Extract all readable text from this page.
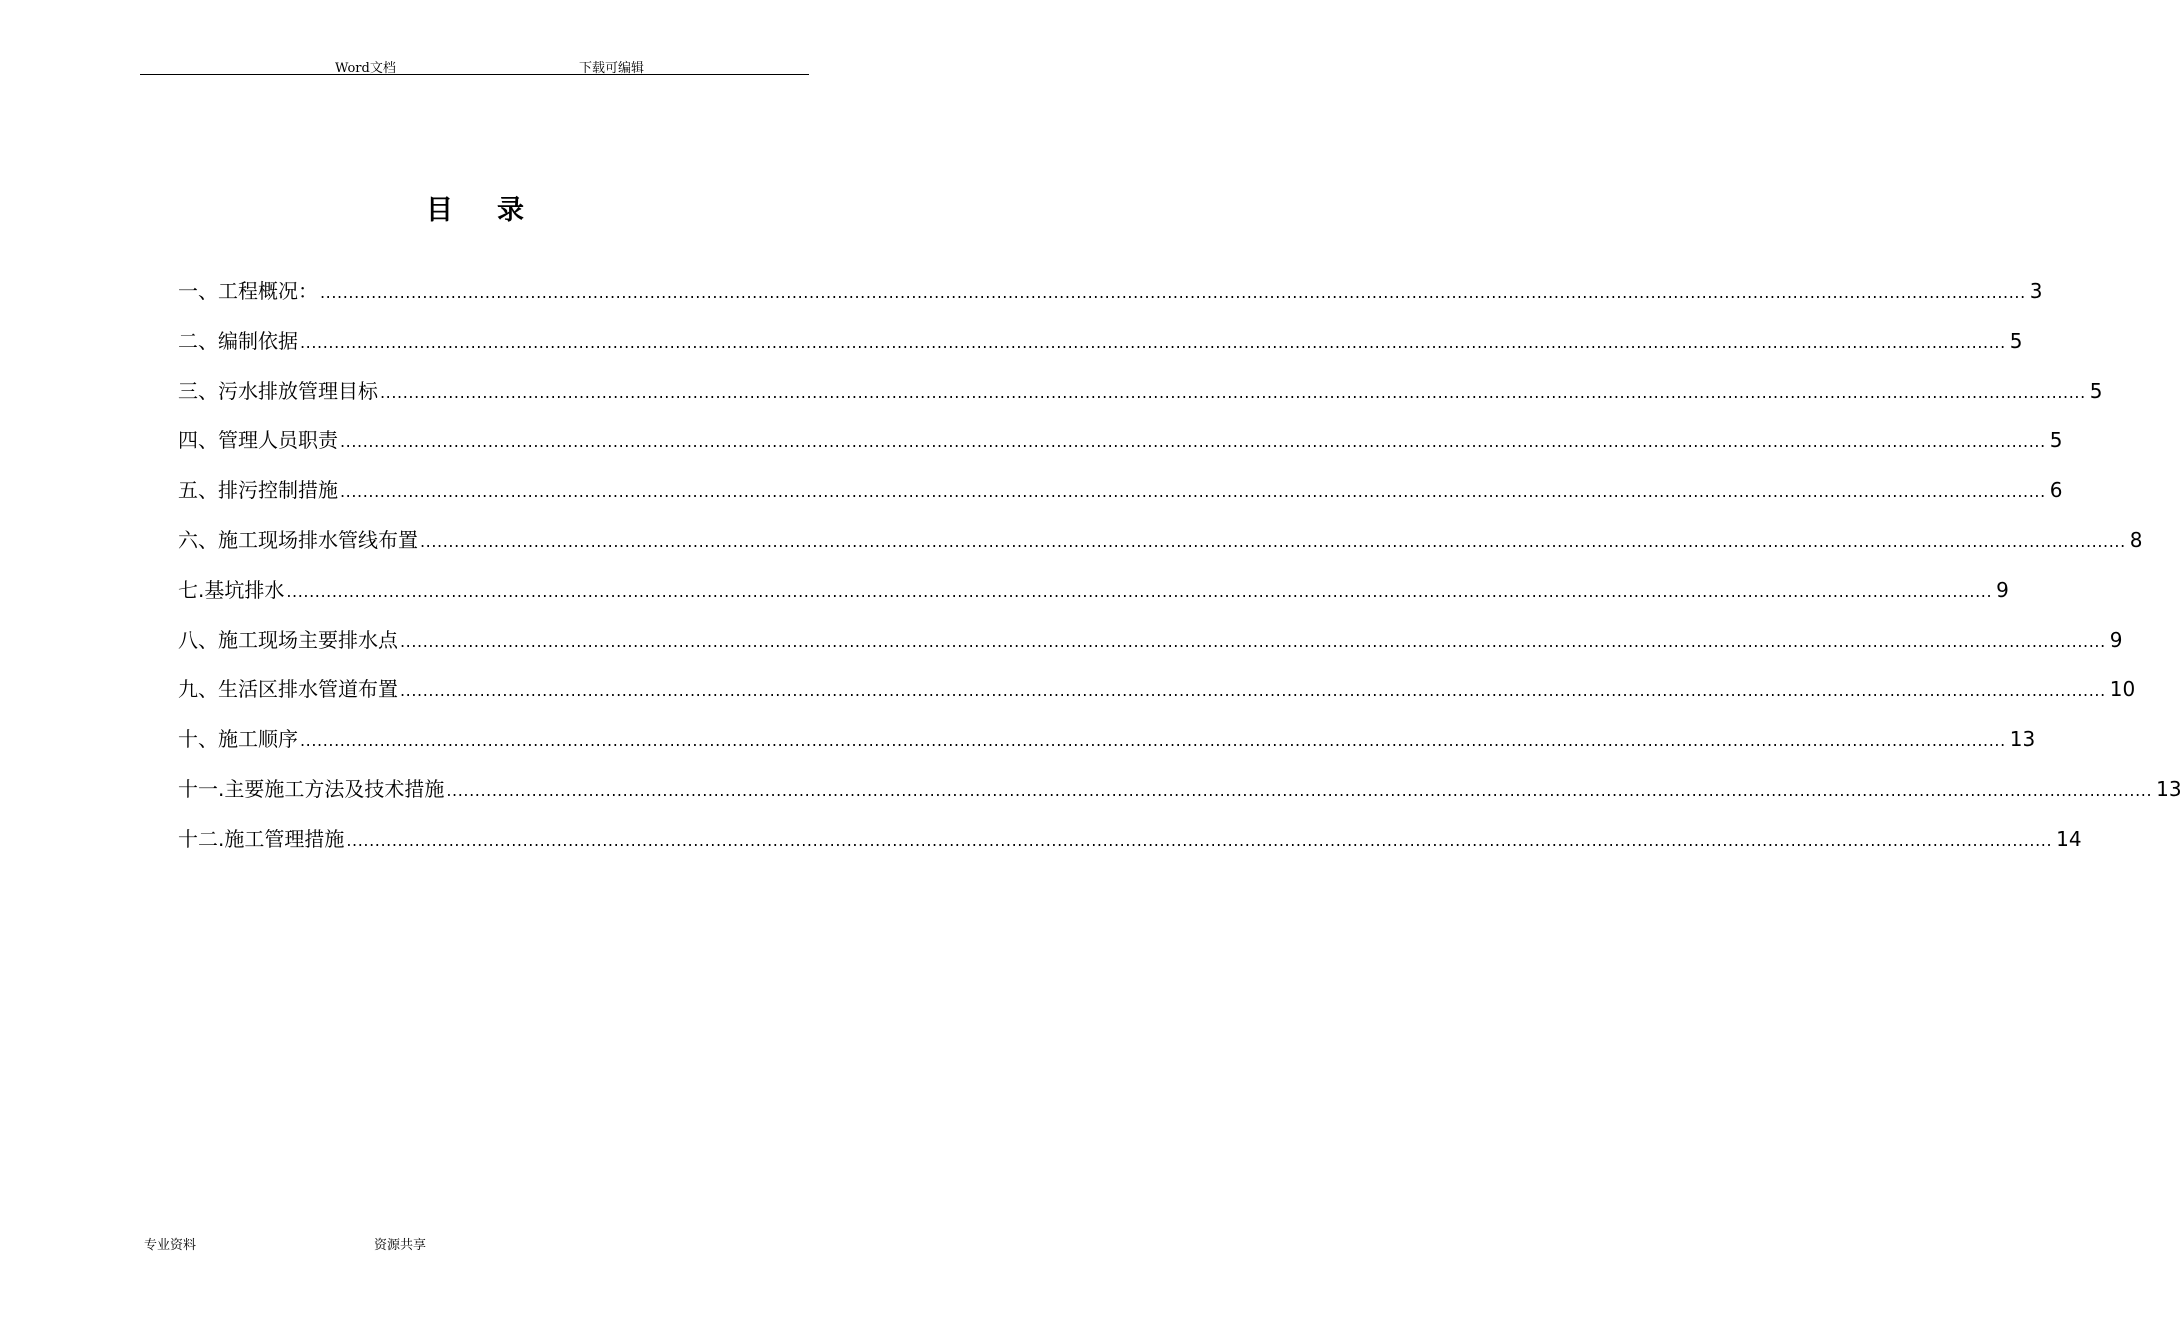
Word文档	下载可编辑
目录
一、工程概况： ............................................................................................................................................................................................................................................................................................................ 3
二、编制依据 ............................................................................................................................................................................................................................................................................................................ 5
三、污水排放管理目标 ............................................................................................................................................................................................................................................................................................................ 5
四、管理人员职责 ............................................................................................................................................................................................................................................................................................................ 5
五、排污控制措施 ............................................................................................................................................................................................................................................................................................................ 6
六、施工现场排水管线布置 ............................................................................................................................................................................................................................................................................................................ 8
七.基坑排水 ............................................................................................................................................................................................................................................................................................................ 9
八、施工现场主要排水点 ............................................................................................................................................................................................................................................................................................................ 9
九、生活区排水管道布置 ............................................................................................................................................................................................................................................................................................................ 10
十、施工顺序 ............................................................................................................................................................................................................................................................................................................ 13
十一.主要施工方法及技术措施 ............................................................................................................................................................................................................................................................................................................ 13
十二.施工管理措施 ............................................................................................................................................................................................................................................................................................................ 14
专业资料	资源共享
